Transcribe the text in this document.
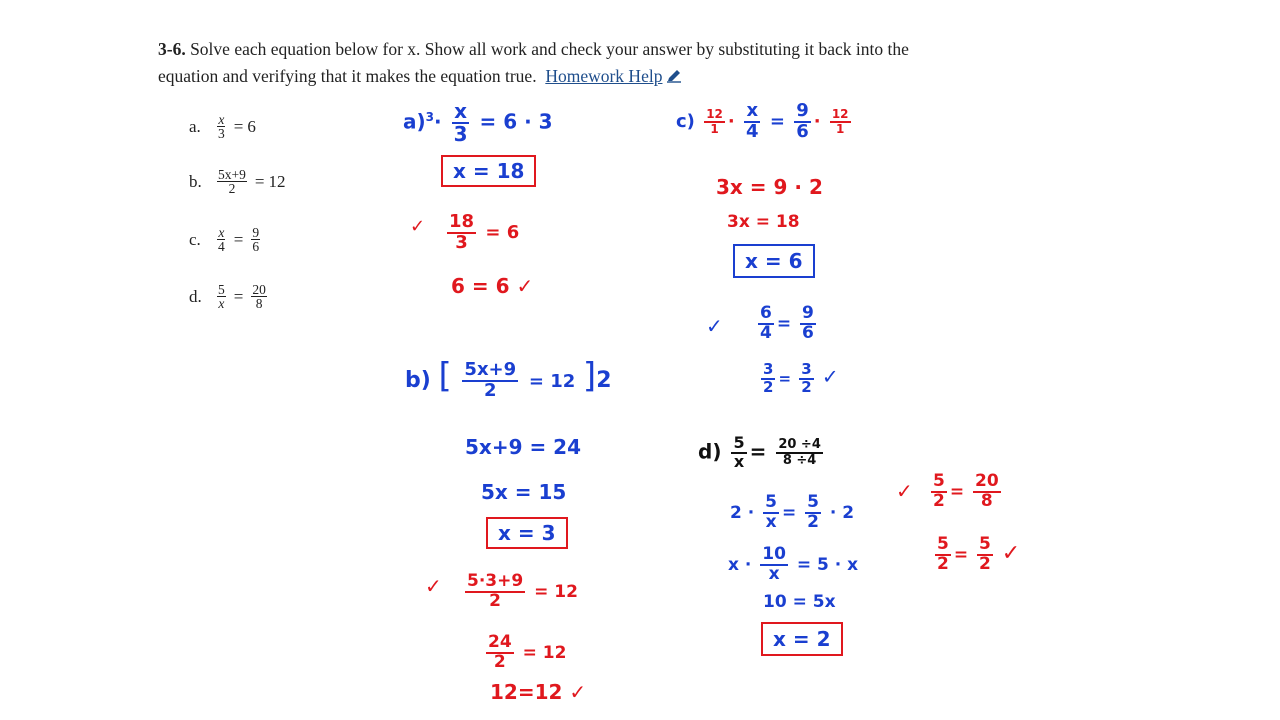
3-6. Solve each equation below for x. Show all work and check your answer by substituting it back into the
equation and verifying that it makes the equation true. Homework Help
a.	$\frac{x}{3} = 6$
b.	$\frac{5x+9}{2} = 12$
c.	$\frac{x}{4} = \frac{9}{6}$
d.	$\frac{5}{x} = \frac{20}{8}$
$a)^3\cdot \frac{x}{3} = 6 \cdot 3$
x = 18
✓ $\frac{18}{3} = 6$
6 = 6 ✓
b) [ $\frac{5x+9}{2} = 12$ ]2
5x+9 = 24
5x = 15
x = 3
✓ $\frac{5\cdot 3+9}{2} = 12$
$\frac{24}{2} = 12$
12=12 ✓
$c) \frac{12}{1} \cdot \frac{x}{4} = \frac{9}{6} \cdot \frac{12}{1}$
3x = 9 · 2
3x = 18
x = 6
✓ $\frac{6}{4} = \frac{9}{6}$
$\frac{3}{2} = \frac{3}{2}$ ✓
$d) \frac{5}{x} = \frac{20 \div 4}{8 \div 4}$
$2 \cdot \frac{5}{x} = \frac{5}{2} \cdot 2$
$x \cdot \frac{10}{x} = 5 \cdot x$
10 = 5x
x = 2
✓ $\frac{5}{2} = \frac{20}{8}$
$\frac{5}{2} = \frac{5}{2}$ ✓
